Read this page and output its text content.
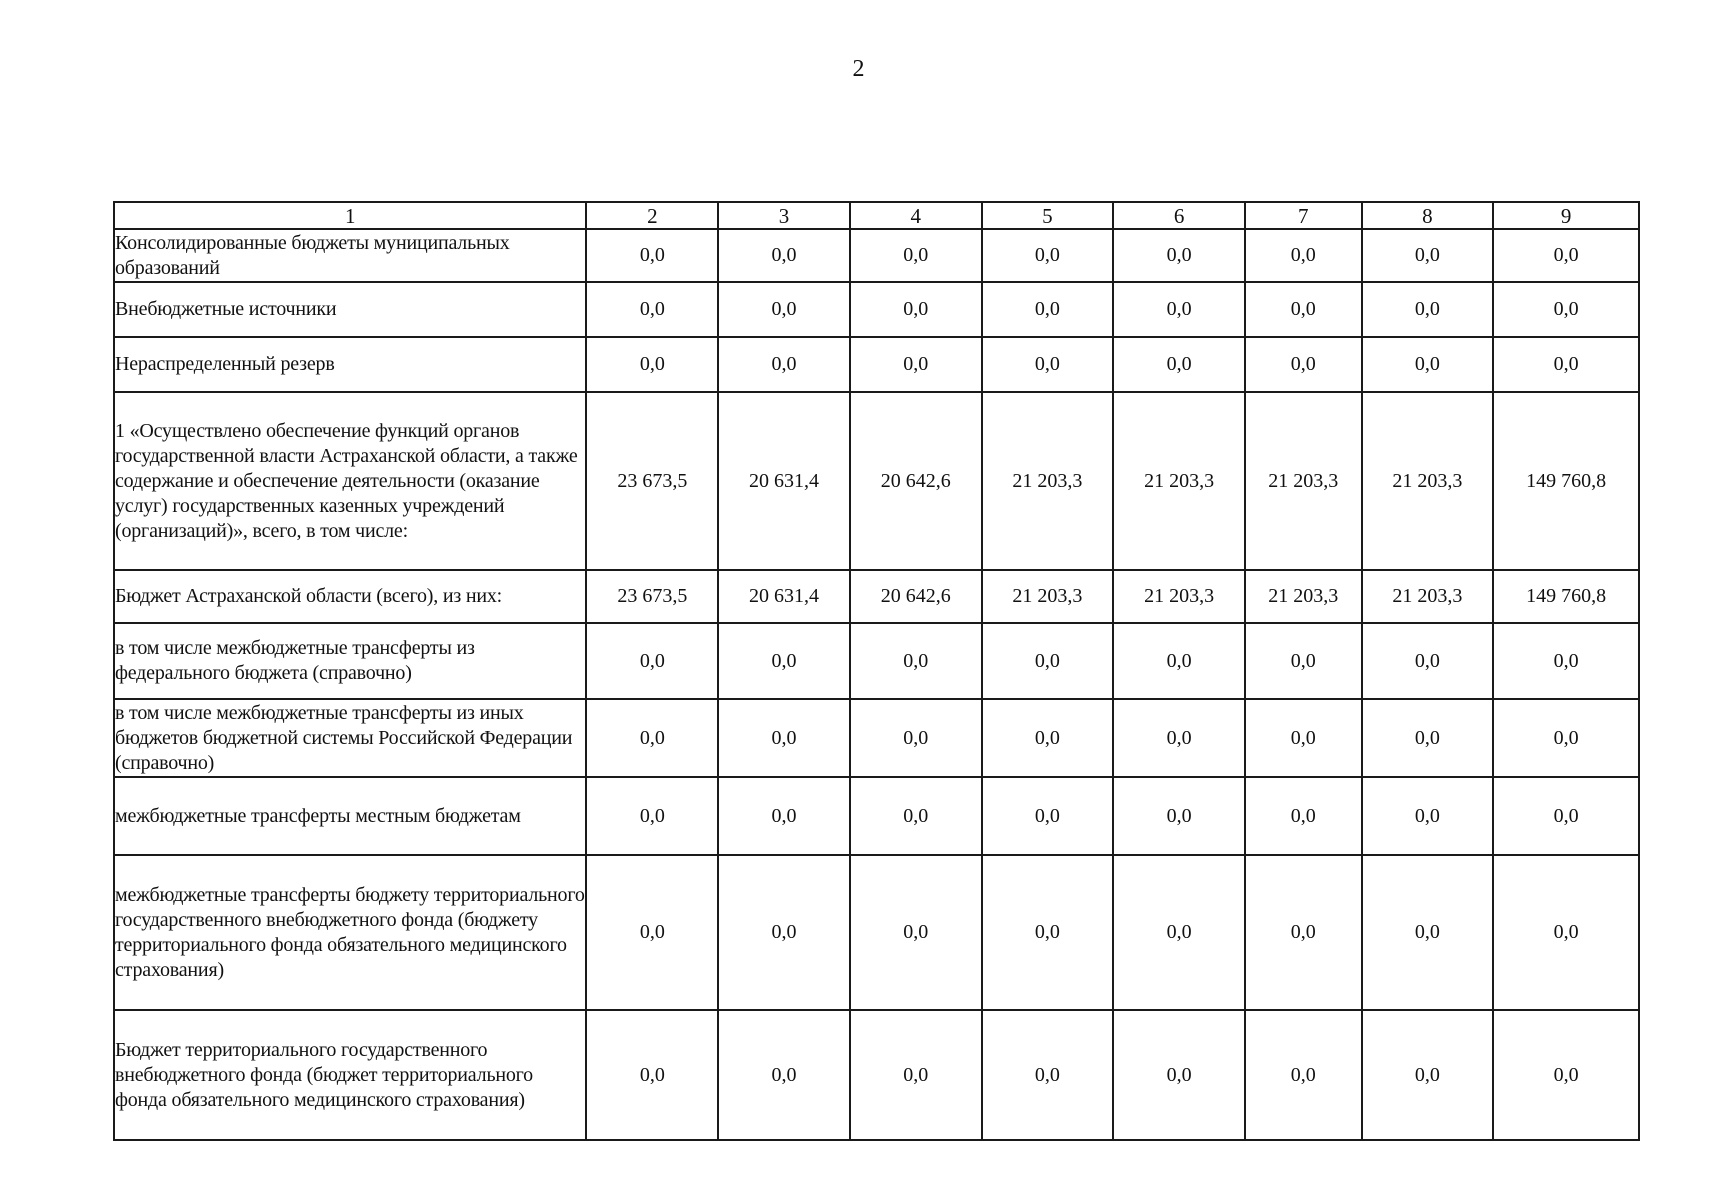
2
1	2	3	4	5	6	7	8	9
Консолидированные бюджеты муниципальных образований	0,0	0,0	0,0	0,0	0,0	0,0	0,0	0,0
Внебюджетные источники	0,0	0,0	0,0	0,0	0,0	0,0	0,0	0,0
Нераспределенный резерв	0,0	0,0	0,0	0,0	0,0	0,0	0,0	0,0
1 «Осуществлено обеспечение функций органов государственной власти Астраханской области, а также содержание и обеспечение деятельности (оказание услуг) государственных казенных учреждений (организаций)», всего, в том числе:	23 673,5	20 631,4	20 642,6	21 203,3	21 203,3	21 203,3	21 203,3	149 760,8
Бюджет Астраханской области (всего), из них:	23 673,5	20 631,4	20 642,6	21 203,3	21 203,3	21 203,3	21 203,3	149 760,8
в том числе межбюджетные трансферты из федерального бюджета (справочно)	0,0	0,0	0,0	0,0	0,0	0,0	0,0	0,0
в том числе межбюджетные трансферты из иных бюджетов бюджетной системы Российской Федерации (справочно)	0,0	0,0	0,0	0,0	0,0	0,0	0,0	0,0
межбюджетные трансферты местным бюджетам	0,0	0,0	0,0	0,0	0,0	0,0	0,0	0,0
межбюджетные трансферты бюджету территориального государственного внебюджетного фонда (бюджету территориального фонда обязательного медицинского страхования)	0,0	0,0	0,0	0,0	0,0	0,0	0,0	0,0
Бюджет территориального государственного внебюджетного фонда (бюджет территориального фонда обязательного медицинского страхования)	0,0	0,0	0,0	0,0	0,0	0,0	0,0	0,0
